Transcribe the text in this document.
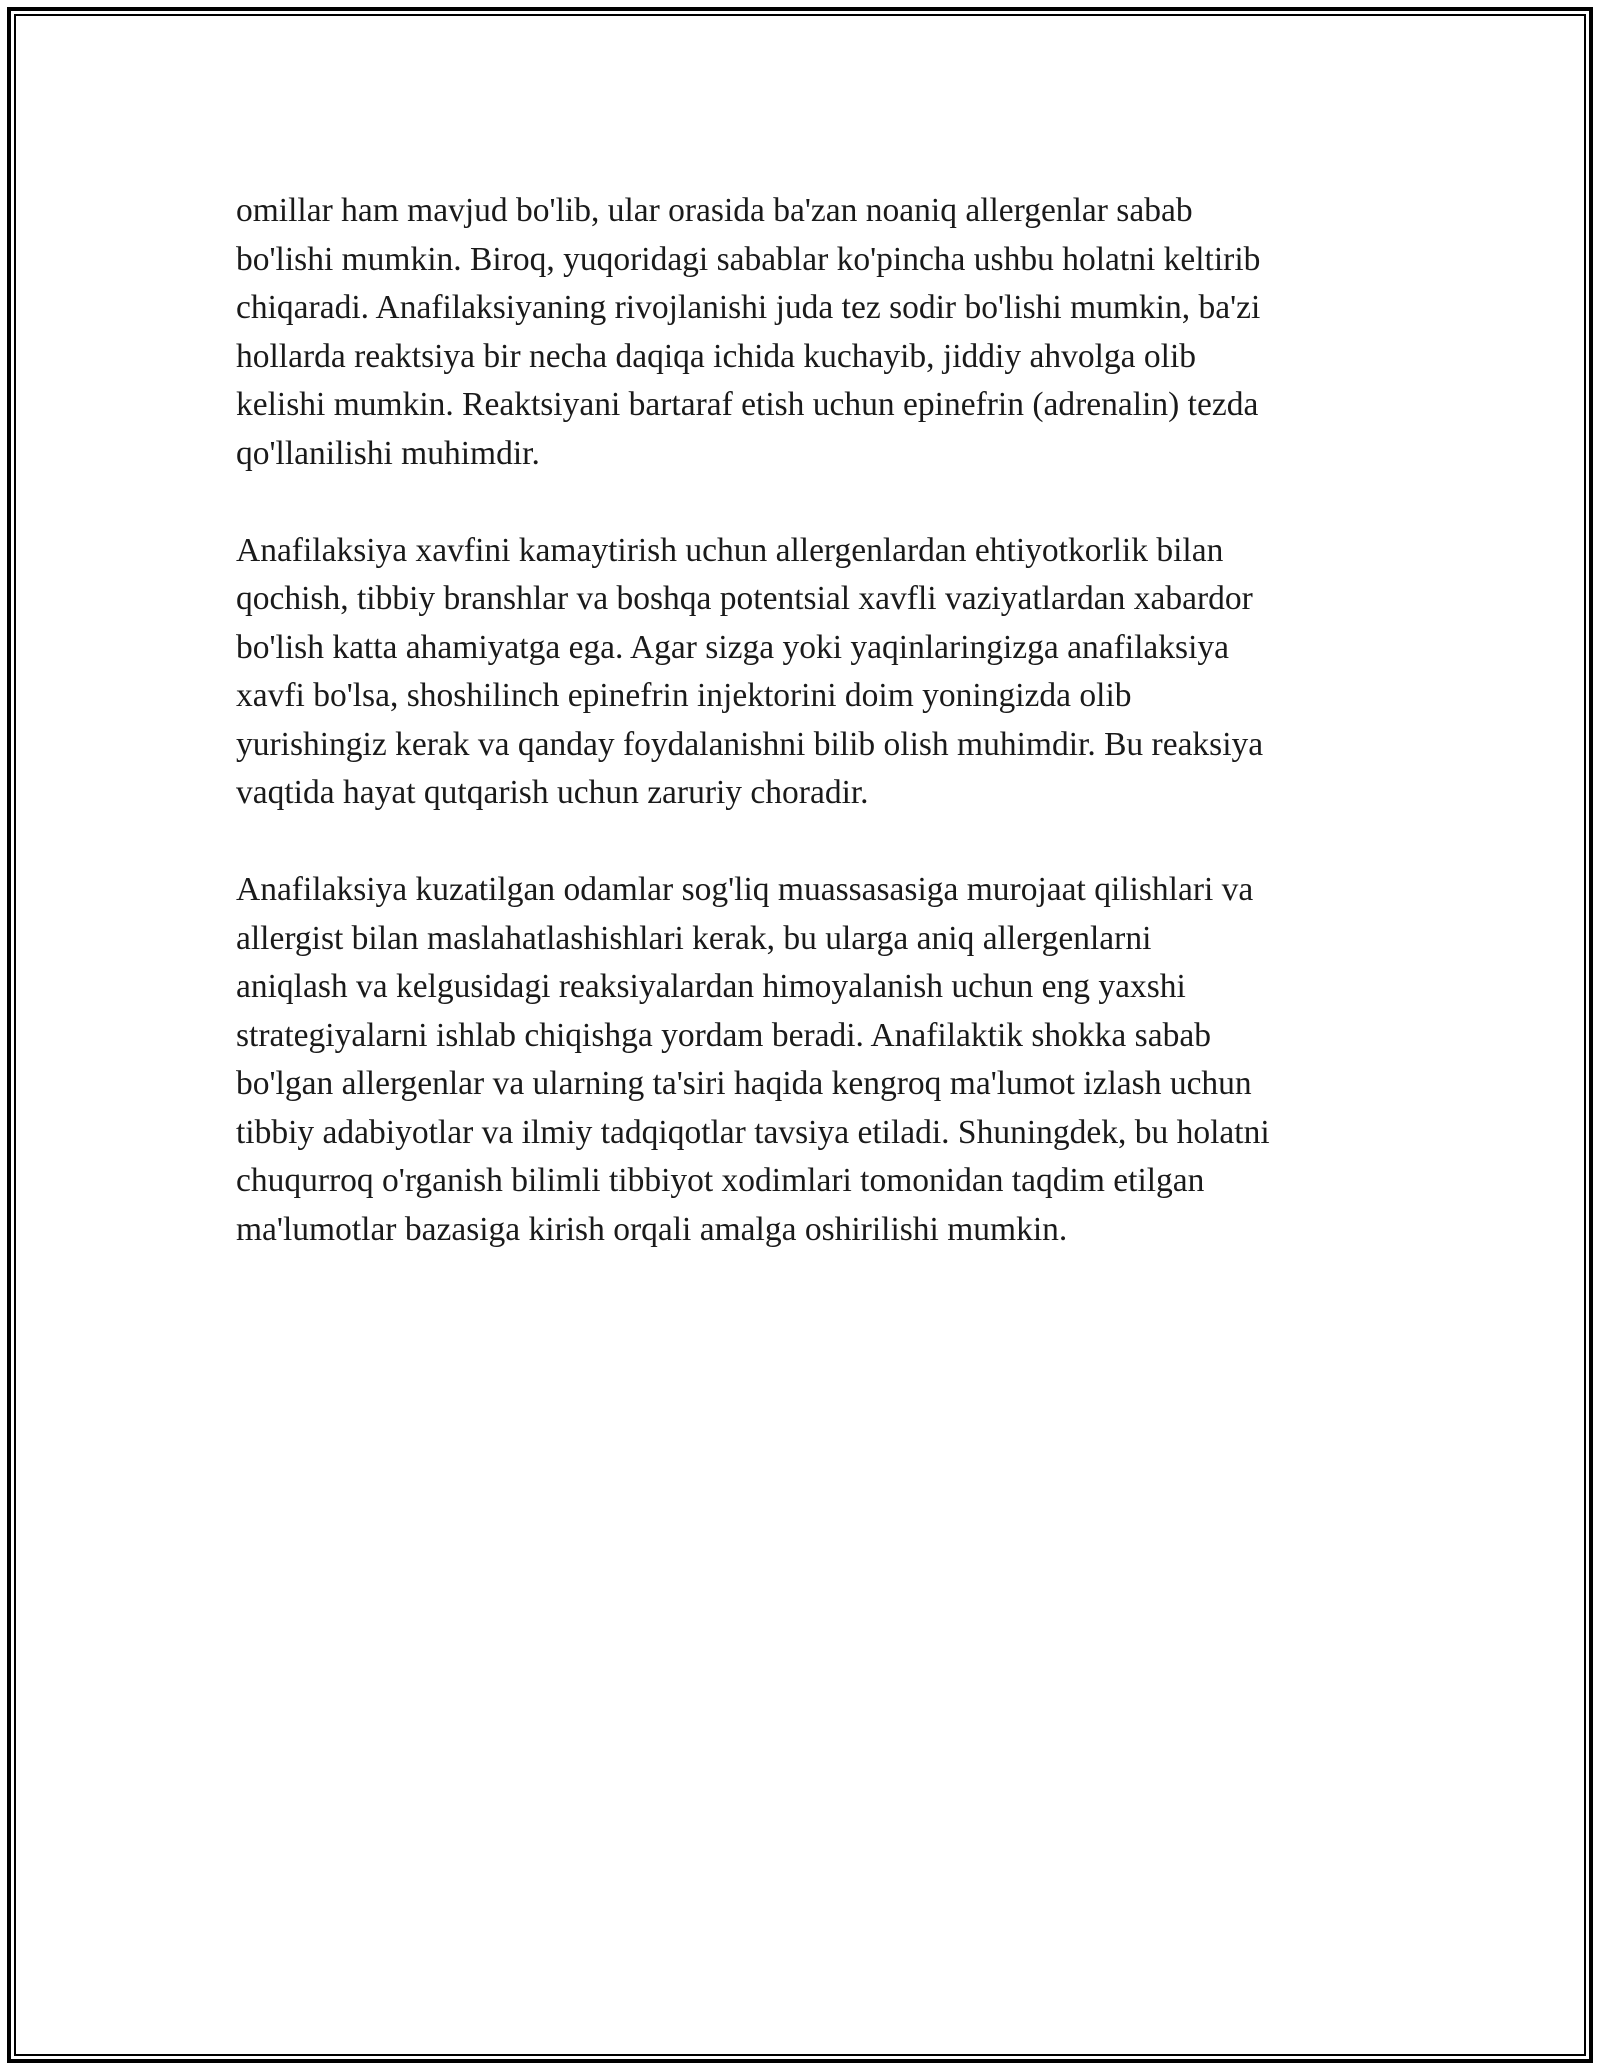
omillar ham mavjud bo'lib, ular orasida ba'zan noaniq allergenlar sabab
bo'lishi mumkin. Biroq, yuqoridagi sabablar ko'pincha ushbu holatni keltirib
chiqaradi. Anafilaksiyaning rivojlanishi juda tez sodir bo'lishi mumkin, ba'zi
hollarda reaktsiya bir necha daqiqa ichida kuchayib, jiddiy ahvolga olib
kelishi mumkin. Reaktsiyani bartaraf etish uchun epinefrin (adrenalin) tezda
qo'llanilishi muhimdir.

Anafilaksiya xavfini kamaytirish uchun allergenlardan ehtiyotkorlik bilan
qochish, tibbiy branshlar va boshqa potentsial xavfli vaziyatlardan xabardor
bo'lish katta ahamiyatga ega. Agar sizga yoki yaqinlaringizga anafilaksiya
xavfi bo'lsa, shoshilinch epinefrin injektorini doim yoningizda olib
yurishingiz kerak va qanday foydalanishni bilib olish muhimdir. Bu reaksiya
vaqtida hayat qutqarish uchun zaruriy choradir.

Anafilaksiya kuzatilgan odamlar sog'liq muassasasiga murojaat qilishlari va
allergist bilan maslahatlashishlari kerak, bu ularga aniq allergenlarni
aniqlash va kelgusidagi reaksiyalardan himoyalanish uchun eng yaxshi
strategiyalarni ishlab chiqishga yordam beradi. Anafilaktik shokka sabab
bo'lgan allergenlar va ularning ta'siri haqida kengroq ma'lumot izlash uchun
tibbiy adabiyotlar va ilmiy tadqiqotlar tavsiya etiladi. Shuningdek, bu holatni
chuqurroq o'rganish bilimli tibbiyot xodimlari tomonidan taqdim etilgan
ma'lumotlar bazasiga kirish orqali amalga oshirilishi mumkin.
